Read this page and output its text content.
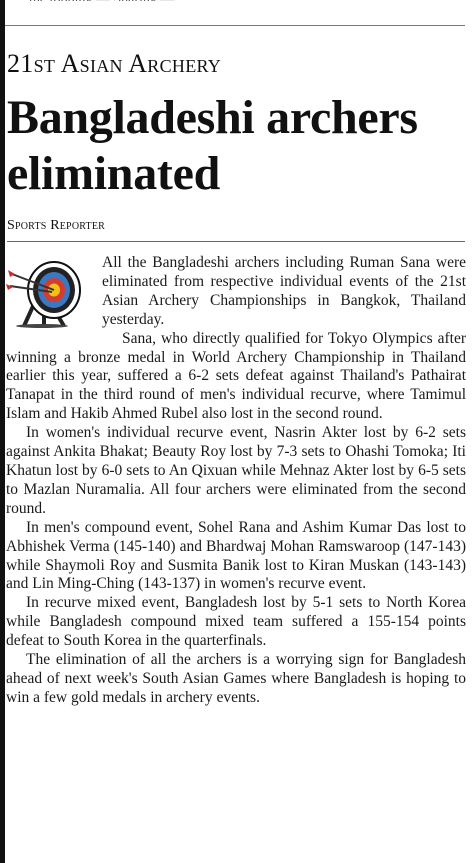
21st Asian Archery
Bangladeshi archers eliminated
Sports Reporter

All the Bangladeshi archers including Ruman Sana were eliminated from respective individual events of the 21st Asian Archery Championships in Bangkok, Thailand yesterday.

Sana, who directly qualified for Tokyo Olympics after winning a bronze medal in World Archery Championship in Thailand earlier this year, suffered a 6-2 sets defeat against Thailand's Pathairat Tanapat in the third round of men's individual recurve, where Tamimul Islam and Hakib Ahmed Rubel also lost in the second round.

In women's individual recurve event, Nasrin Akter lost by 6-2 sets against Ankita Bhakat; Beauty Roy lost by 7-3 sets to Ohashi Tomoka; Iti Khatun lost by 6-0 sets to An Qixuan while Mehnaz Akter lost by 6-5 sets to Mazlan Nuramalia. All four archers were eliminated from the second round.

In men's compound event, Sohel Rana and Ashim Kumar Das lost to Abhishek Verma (145-140) and Bhardwaj Mohan Ramswaroop (147-143) while Shaymoli Roy and Susmita Banik lost to Kiran Muskan (143-143) and Lin Ming-Ching (143-137) in women's recurve event.

In recurve mixed event, Bangladesh lost by 5-1 sets to North Korea while Bangladesh compound mixed team suffered a 155-154 points defeat to South Korea in the quarterfinals.

The elimination of all the archers is a worrying sign for Bangladesh ahead of next week's South Asian Games where Bangladesh is hoping to win a few gold medals in archery events.
